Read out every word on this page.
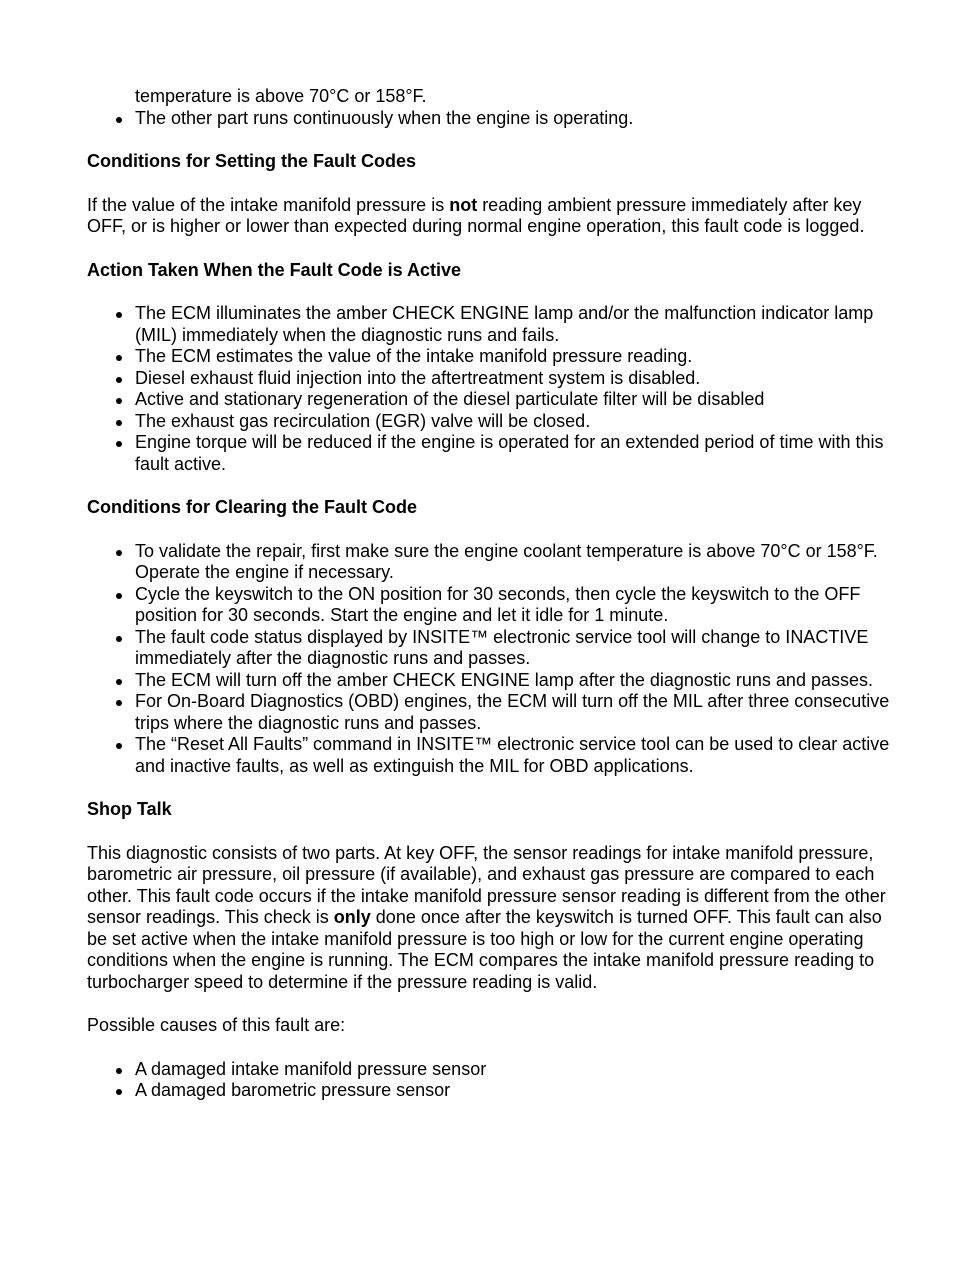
temperature is above 70°C or 158°F.

The other part runs continuously when the engine is operating.
Conditions for Setting the Fault Codes

If the value of the intake manifold pressure is not reading ambient pressure immediately after key OFF, or is higher or lower than expected during normal engine operation, this fault code is logged.

Action Taken When the Fault Code is Active
The ECM illuminates the amber CHECK ENGINE lamp and/or the malfunction indicator lamp (MIL) immediately when the diagnostic runs and fails.
The ECM estimates the value of the intake manifold pressure reading.
Diesel exhaust fluid injection into the aftertreatment system is disabled.
Active and stationary regeneration of the diesel particulate filter will be disabled
The exhaust gas recirculation (EGR) valve will be closed.
Engine torque will be reduced if the engine is operated for an extended period of time with this fault active.
Conditions for Clearing the Fault Code
To validate the repair, first make sure the engine coolant temperature is above 70°C or 158°F. Operate the engine if necessary.
Cycle the keyswitch to the ON position for 30 seconds, then cycle the keyswitch to the OFF position for 30 seconds. Start the engine and let it idle for 1 minute.
The fault code status displayed by INSITE™ electronic service tool will change to INACTIVE immediately after the diagnostic runs and passes.
The ECM will turn off the amber CHECK ENGINE lamp after the diagnostic runs and passes.
For On-Board Diagnostics (OBD) engines, the ECM will turn off the MIL after three consecutive trips where the diagnostic runs and passes.
The “Reset All Faults” command in INSITE™ electronic service tool can be used to clear active and inactive faults, as well as extinguish the MIL for OBD applications.
Shop Talk

This diagnostic consists of two parts. At key OFF, the sensor readings for intake manifold pressure, barometric air pressure, oil pressure (if available), and exhaust gas pressure are compared to each other. This fault code occurs if the intake manifold pressure sensor reading is different from the other sensor readings. This check is only done once after the keyswitch is turned OFF. This fault can also be set active when the intake manifold pressure is too high or low for the current engine operating conditions when the engine is running. The ECM compares the intake manifold pressure reading to turbocharger speed to determine if the pressure reading is valid.

Possible causes of this fault are:

A damaged intake manifold pressure sensor
A damaged barometric pressure sensor
